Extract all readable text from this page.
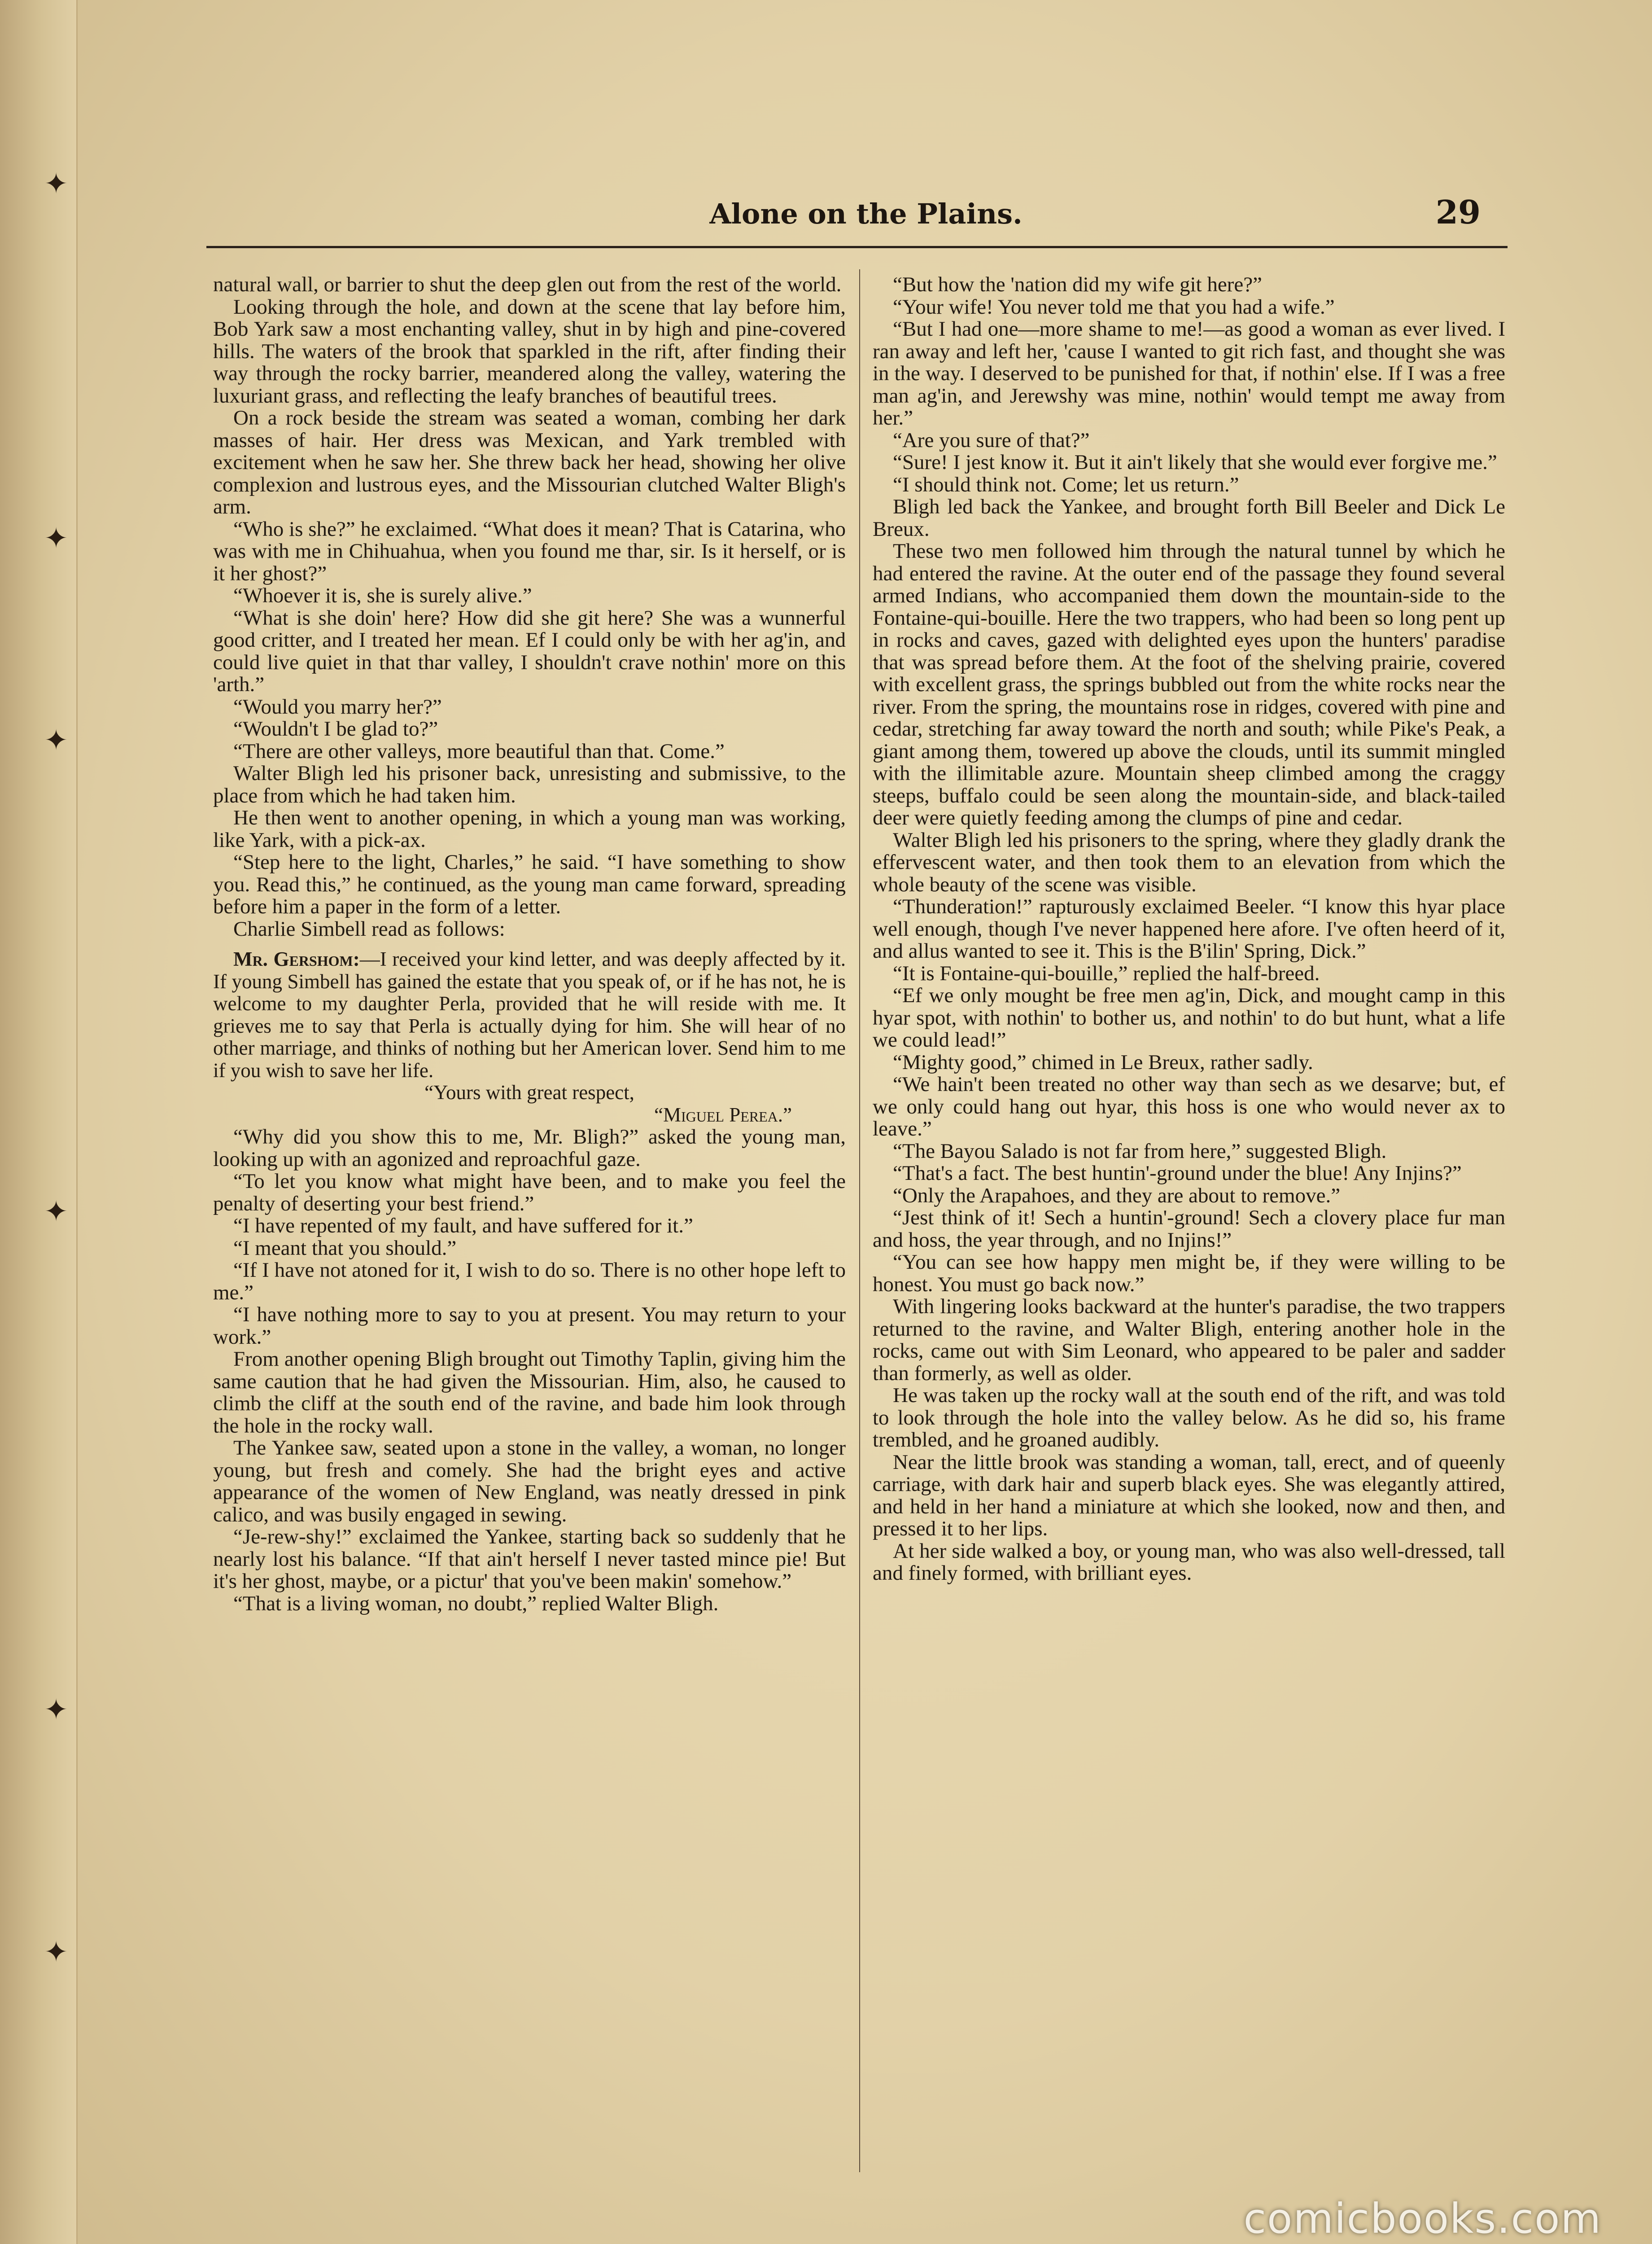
✦
✦
✦
✦
✦
✦
Alone on the Plains.	29

natural wall, or barrier to shut the deep glen out from the rest of the world.

Looking through the hole, and down at the scene that lay before him, Bob Yark saw a most enchanting valley, shut in by high and pine-covered hills. The waters of the brook that sparkled in the rift, after finding their way through the rocky barrier, meandered along the valley, watering the luxuriant grass, and reflecting the leafy branches of beautiful trees.

On a rock beside the stream was seated a woman, combing her dark masses of hair. Her dress was Mexican, and Yark trembled with excitement when he saw her. She threw back her head, showing her olive complexion and lustrous eyes, and the Missourian clutched Walter Bligh's arm.

“Who is she?” he exclaimed. “What does it mean? That is Catarina, who was with me in Chihuahua, when you found me thar, sir. Is it herself, or is it her ghost?”

“Whoever it is, she is surely alive.”

“What is she doin' here? How did she git here? She was a wunnerful good critter, and I treated her mean. Ef I could only be with her ag'in, and could live quiet in that thar valley, I shouldn't crave nothin' more on this 'arth.”

“Would you marry her?”

“Wouldn't I be glad to?”

“There are other valleys, more beautiful than that. Come.”

Walter Bligh led his prisoner back, unresisting and submissive, to the place from which he had taken him.

He then went to another opening, in which a young man was working, like Yark, with a pick-ax.

“Step here to the light, Charles,” he said. “I have something to show you. Read this,” he continued, as the young man came forward, spreading before him a paper in the form of a letter.

Charlie Simbell read as follows:

Mr. Gershom:—I received your kind letter, and was deeply affected by it. If young Simbell has gained the estate that you speak of, or if he has not, he is welcome to my daughter Perla, provided that he will reside with me. It grieves me to say that Perla is actually dying for him. She will hear of no other marriage, and thinks of nothing but her American lover. Send him to me if you wish to save her life.

“Yours with great respect,

“Miguel Perea.”

“Why did you show this to me, Mr. Bligh?” asked the young man, looking up with an agonized and reproachful gaze.

“To let you know what might have been, and to make you feel the penalty of deserting your best friend.”

“I have repented of my fault, and have suffered for it.”

“I meant that you should.”

“If I have not atoned for it, I wish to do so. There is no other hope left to me.”

“I have nothing more to say to you at present. You may return to your work.”

From another opening Bligh brought out Timothy Taplin, giving him the same caution that he had given the Missourian. Him, also, he caused to climb the cliff at the south end of the ravine, and bade him look through the hole in the rocky wall.

The Yankee saw, seated upon a stone in the valley, a woman, no longer young, but fresh and comely. She had the bright eyes and active appearance of the women of New England, was neatly dressed in pink calico, and was busily engaged in sewing.

“Je-rew-shy!” exclaimed the Yankee, starting back so suddenly that he nearly lost his balance. “If that ain't herself I never tasted mince pie! But it's her ghost, maybe, or a pictur' that you've been makin' somehow.”

“That is a living woman, no doubt,” replied Walter Bligh.

“But how the 'nation did my wife git here?”

“Your wife! You never told me that you had a wife.”

“But I had one—more shame to me!—as good a woman as ever lived. I ran away and left her, 'cause I wanted to git rich fast, and thought she was in the way. I deserved to be punished for that, if nothin' else. If I was a free man ag'in, and Jerewshy was mine, nothin' would tempt me away from her.”

“Are you sure of that?”

“Sure! I jest know it. But it ain't likely that she would ever forgive me.”

“I should think not. Come; let us return.”

Bligh led back the Yankee, and brought forth Bill Beeler and Dick Le Breux.

These two men followed him through the natural tunnel by which he had entered the ravine. At the outer end of the passage they found several armed Indians, who accompanied them down the mountain-side to the Fontaine-qui-bouille. Here the two trappers, who had been so long pent up in rocks and caves, gazed with delighted eyes upon the hunters' paradise that was spread before them. At the foot of the shelving prairie, covered with excellent grass, the springs bubbled out from the white rocks near the river. From the spring, the mountains rose in ridges, covered with pine and cedar, stretching far away toward the north and south; while Pike's Peak, a giant among them, towered up above the clouds, until its summit mingled with the illimitable azure. Mountain sheep climbed among the craggy steeps, buffalo could be seen along the mountain-side, and black-tailed deer were quietly feeding among the clumps of pine and cedar.

Walter Bligh led his prisoners to the spring, where they gladly drank the effervescent water, and then took them to an elevation from which the whole beauty of the scene was visible.

“Thunderation!” rapturously exclaimed Beeler. “I know this hyar place well enough, though I've never happened here afore. I've often heerd of it, and allus wanted to see it. This is the B'ilin' Spring, Dick.”

“It is Fontaine-qui-bouille,” replied the half-breed.

“Ef we only mought be free men ag'in, Dick, and mought camp in this hyar spot, with nothin' to bother us, and nothin' to do but hunt, what a life we could lead!”

“Mighty good,” chimed in Le Breux, rather sadly.

“We hain't been treated no other way than sech as we desarve; but, ef we only could hang out hyar, this hoss is one who would never ax to leave.”

“The Bayou Salado is not far from here,” suggested Bligh.

“That's a fact. The best huntin'-ground under the blue! Any Injins?”

“Only the Arapahoes, and they are about to remove.”

“Jest think of it! Sech a huntin'-ground! Sech a clovery place fur man and hoss, the year through, and no Injins!”

“You can see how happy men might be, if they were willing to be honest. You must go back now.”

With lingering looks backward at the hunter's paradise, the two trappers returned to the ravine, and Walter Bligh, entering another hole in the rocks, came out with Sim Leonard, who appeared to be paler and sadder than formerly, as well as older.

He was taken up the rocky wall at the south end of the rift, and was told to look through the hole into the valley below. As he did so, his frame trembled, and he groaned audibly.

Near the little brook was standing a woman, tall, erect, and of queenly carriage, with dark hair and superb black eyes. She was elegantly attired, and held in her hand a miniature at which she looked, now and then, and pressed it to her lips.

At her side walked a boy, or young man, who was also well-dressed, tall and finely formed, with brilliant eyes.

comicbooks.com
